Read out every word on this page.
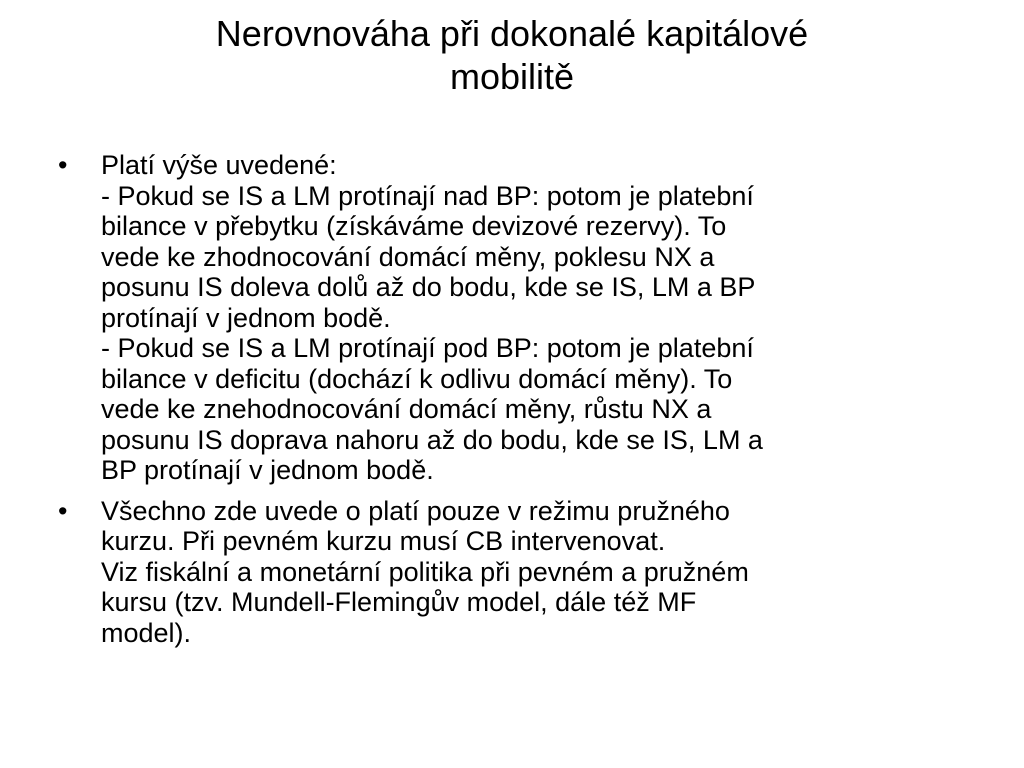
Nerovnováha při dokonalé kapitálové
mobilitě
• Platí výše uvedené:
- Pokud se IS a LM protínají nad BP: potom je platební
bilance v přebytku (získáváme devizové rezervy). To
vede ke zhodnocování domácí měny, poklesu NX a
posunu IS doleva dolů až do bodu, kde se IS, LM a BP
protínají v jednom bodě.
- Pokud se IS a LM protínají pod BP: potom je platební
bilance v deficitu (dochází k odlivu domácí měny). To
vede ke znehodnocování domácí měny, růstu NX a
posunu IS doprava nahoru až do bodu, kde se IS, LM a
BP protínají v jednom bodě.
• Všechno zde uvede o platí pouze v režimu pružného
kurzu. Při pevném kurzu musí CB intervenovat.
Viz fiskální a monetární politika při pevném a pružném
kursu (tzv. Mundell-Flemingův model, dále též MF
model).
